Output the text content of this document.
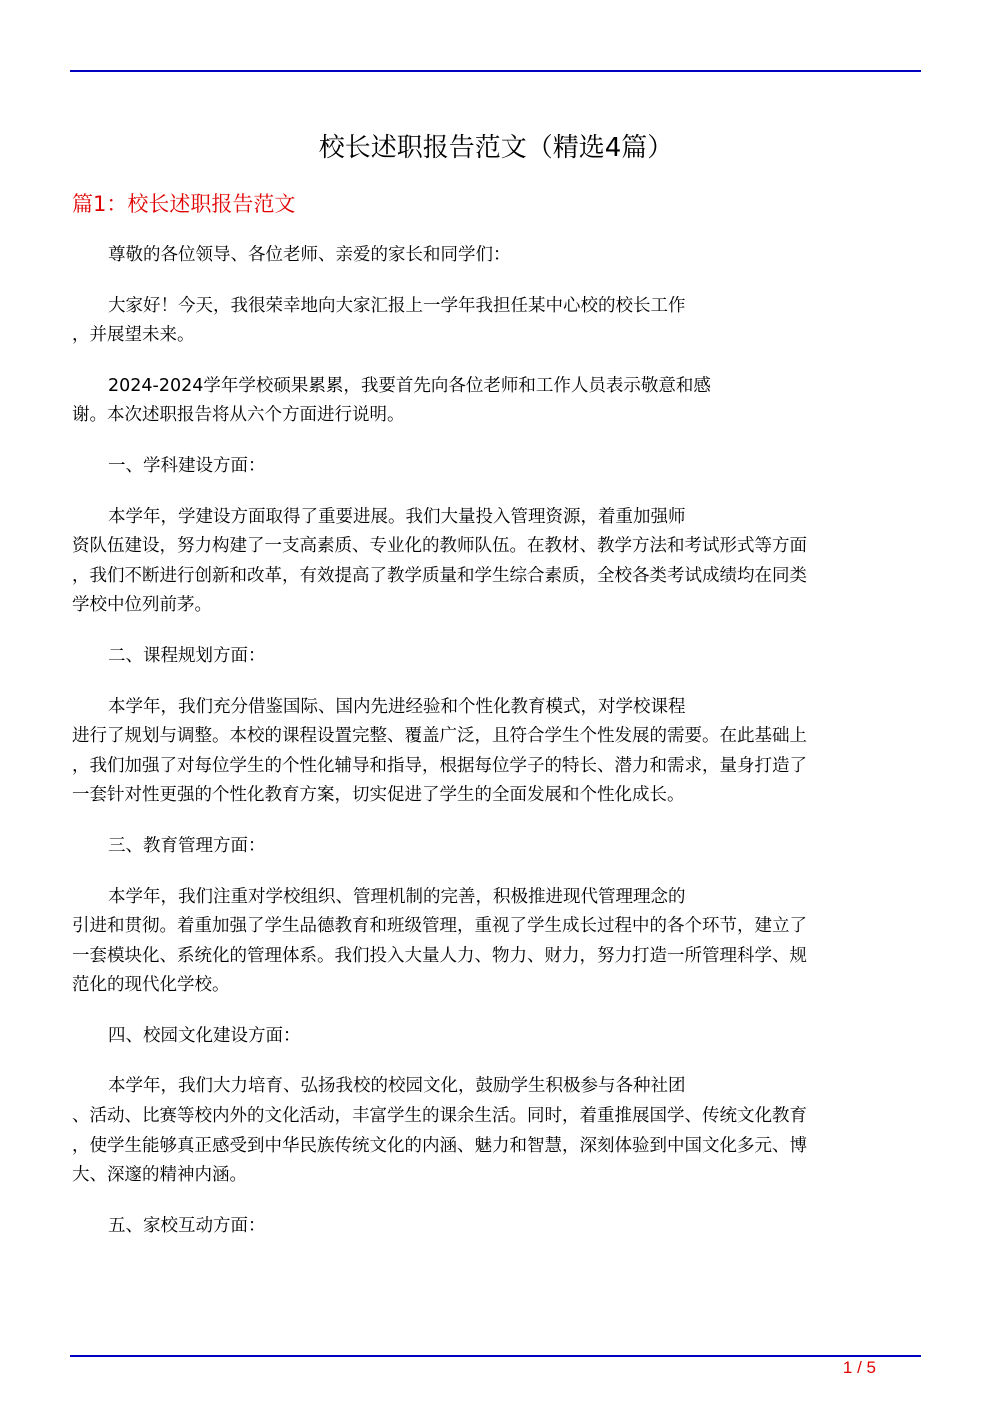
校长述职报告范文（精选4篇）
篇1：校长述职报告范文
尊敬的各位领导、各位老师、亲爱的家长和同学们：
大家好！今天，我很荣幸地向大家汇报上一学年我担任某中心校的校长工作
，并展望未来。
2024-2024学年学校硕果累累，我要首先向各位老师和工作人员表示敬意和感
谢。本次述职报告将从六个方面进行说明。
一、学科建设方面：
本学年，学建设方面取得了重要进展。我们大量投入管理资源，着重加强师
资队伍建设，努力构建了一支高素质、专业化的教师队伍。在教材、教学方法和考试形式等方面
，我们不断进行创新和改革，有效提高了教学质量和学生综合素质，全校各类考试成绩均在同类
学校中位列前茅。
二、课程规划方面：
本学年，我们充分借鉴国际、国内先进经验和个性化教育模式，对学校课程
进行了规划与调整。本校的课程设置完整、覆盖广泛，且符合学生个性发展的需要。在此基础上
，我们加强了对每位学生的个性化辅导和指导，根据每位学子的特长、潜力和需求，量身打造了
一套针对性更强的个性化教育方案，切实促进了学生的全面发展和个性化成长。
三、教育管理方面：
本学年，我们注重对学校组织、管理机制的完善，积极推进现代管理理念的
引进和贯彻。着重加强了学生品德教育和班级管理，重视了学生成长过程中的各个环节，建立了
一套模块化、系统化的管理体系。我们投入大量人力、物力、财力，努力打造一所管理科学、规
范化的现代化学校。
四、校园文化建设方面：
本学年，我们大力培育、弘扬我校的校园文化，鼓励学生积极参与各种社团
、活动、比赛等校内外的文化活动，丰富学生的课余生活。同时，着重推展国学、传统文化教育
，使学生能够真正感受到中华民族传统文化的内涵、魅力和智慧，深刻体验到中国文化多元、博
大、深邃的精神内涵。
五、家校互动方面：
1 / 5
